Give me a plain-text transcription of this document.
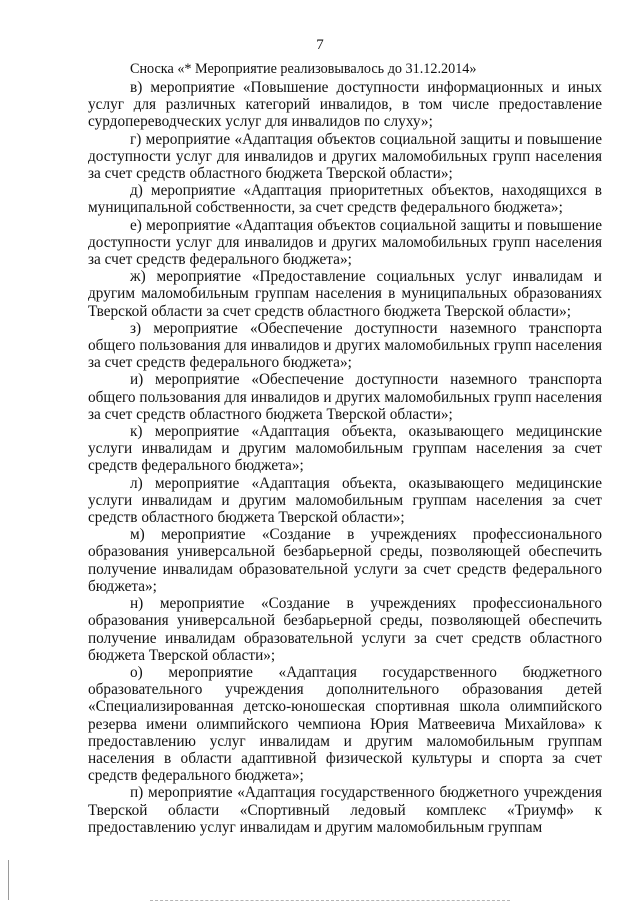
7

Сноска «* Мероприятие реализовывалось до 31.12.2014»

в) мероприятие «Повышение доступности информационных и иных услуг для различных категорий инвалидов, в том числе предоставление сурдопереводческих услуг для инвалидов по слуху»;

г) мероприятие «Адаптация объектов социальной защиты и повышение доступности услуг для инвалидов и других маломобильных групп населения за счет средств областного бюджета Тверской области»;

д) мероприятие «Адаптация приоритетных объектов, находящихся в муниципальной собственности, за счет средств федерального бюджета»;

е) мероприятие «Адаптация объектов социальной защиты и повышение доступности услуг для инвалидов и других маломобильных групп населения за счет средств федерального бюджета»;

ж) мероприятие «Предоставление социальных услуг инвалидам и другим маломобильным группам населения в муниципальных образованиях Тверской области за счет средств областного бюджета Тверской области»;

з) мероприятие «Обеспечение доступности наземного транспорта общего пользования для инвалидов и других маломобильных групп населения за счет средств федерального бюджета»;

и) мероприятие «Обеспечение доступности наземного транспорта общего пользования для инвалидов и других маломобильных групп населения за счет средств областного бюджета Тверской области»;

к) мероприятие «Адаптация объекта, оказывающего медицинские услуги инвалидам и другим маломобильным группам населения за счет средств федерального бюджета»;

л) мероприятие «Адаптация объекта, оказывающего медицинские услуги инвалидам и другим маломобильным группам населения за счет средств областного бюджета Тверской области»;

м) мероприятие «Создание в учреждениях профессионального образования универсальной безбарьерной среды, позволяющей обеспечить получение инвалидам образовательной услуги за счет средств федерального бюджета»;

н) мероприятие «Создание в учреждениях профессионального образования универсальной безбарьерной среды, позволяющей обеспечить получение инвалидам образовательной услуги за счет средств областного бюджета Тверской области»;

о) мероприятие «Адаптация государственного бюджетного образовательного учреждения дополнительного образования детей «Специализированная детско-юношеская спортивная школа олимпийского резерва имени олимпийского чемпиона Юрия Матвеевича Михайлова» к предоставлению услуг инвалидам и другим маломобильным группам населения в области адаптивной физической культуры и спорта за счет средств федерального бюджета»;

п) мероприятие «Адаптация государственного бюджетного учреждения Тверской области «Спортивный ледовый комплекс «Триумф» к предоставлению услуг инвалидам и другим маломобильным группам
